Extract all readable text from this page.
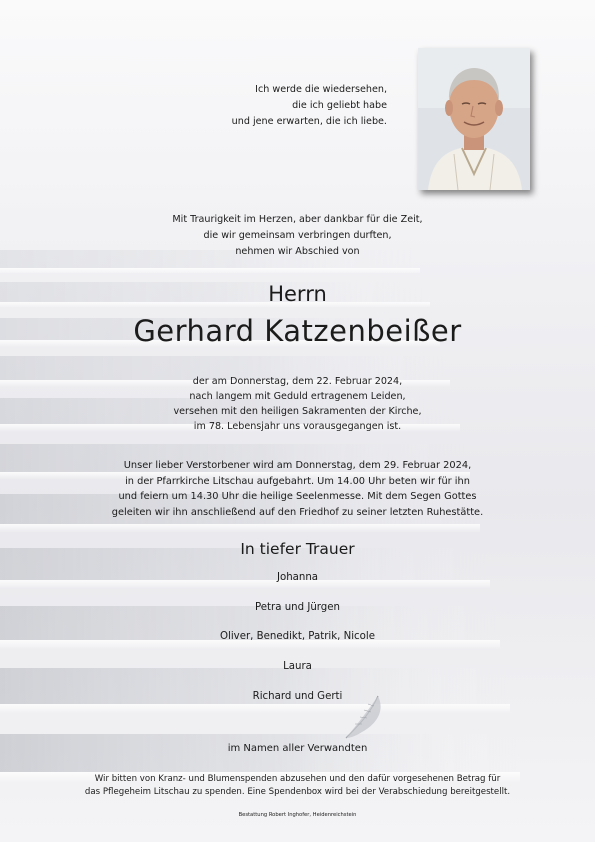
Ich werde die wiedersehen,
die ich geliebt habe
und jene erwarten, die ich liebe.
Mit Traurigkeit im Herzen, aber dankbar für die Zeit,
die wir gemeinsam verbringen durften,
nehmen wir Abschied von
Herrn
Gerhard Katzenbeißer
der am Donnerstag, dem 22. Februar 2024,
nach langem mit Geduld ertragenem Leiden,
versehen mit den heiligen Sakramenten der Kirche,
im 78. Lebensjahr uns vorausgegangen ist.
Unser lieber Verstorbener wird am Donnerstag, dem 29. Februar 2024,
in der Pfarrkirche Litschau aufgebahrt. Um 14.00 Uhr beten wir für ihn
und feiern um 14.30 Uhr die heilige Seelenmesse. Mit dem Segen Gottes
geleiten wir ihn anschließend auf den Friedhof zu seiner letzten Ruhestätte.
In tiefer Trauer
Johanna
Petra und Jürgen
Oliver, Benedikt, Patrik, Nicole
Laura
Richard und Gerti
im Namen aller Verwandten
Wir bitten von Kranz- und Blumenspenden abzusehen und den dafür vorgesehenen Betrag für
das Pflegeheim Litschau zu spenden. Eine Spendenbox wird bei der Verabschiedung bereitgestellt.
Bestattung Robert Inghofer, Heidenreichstein
